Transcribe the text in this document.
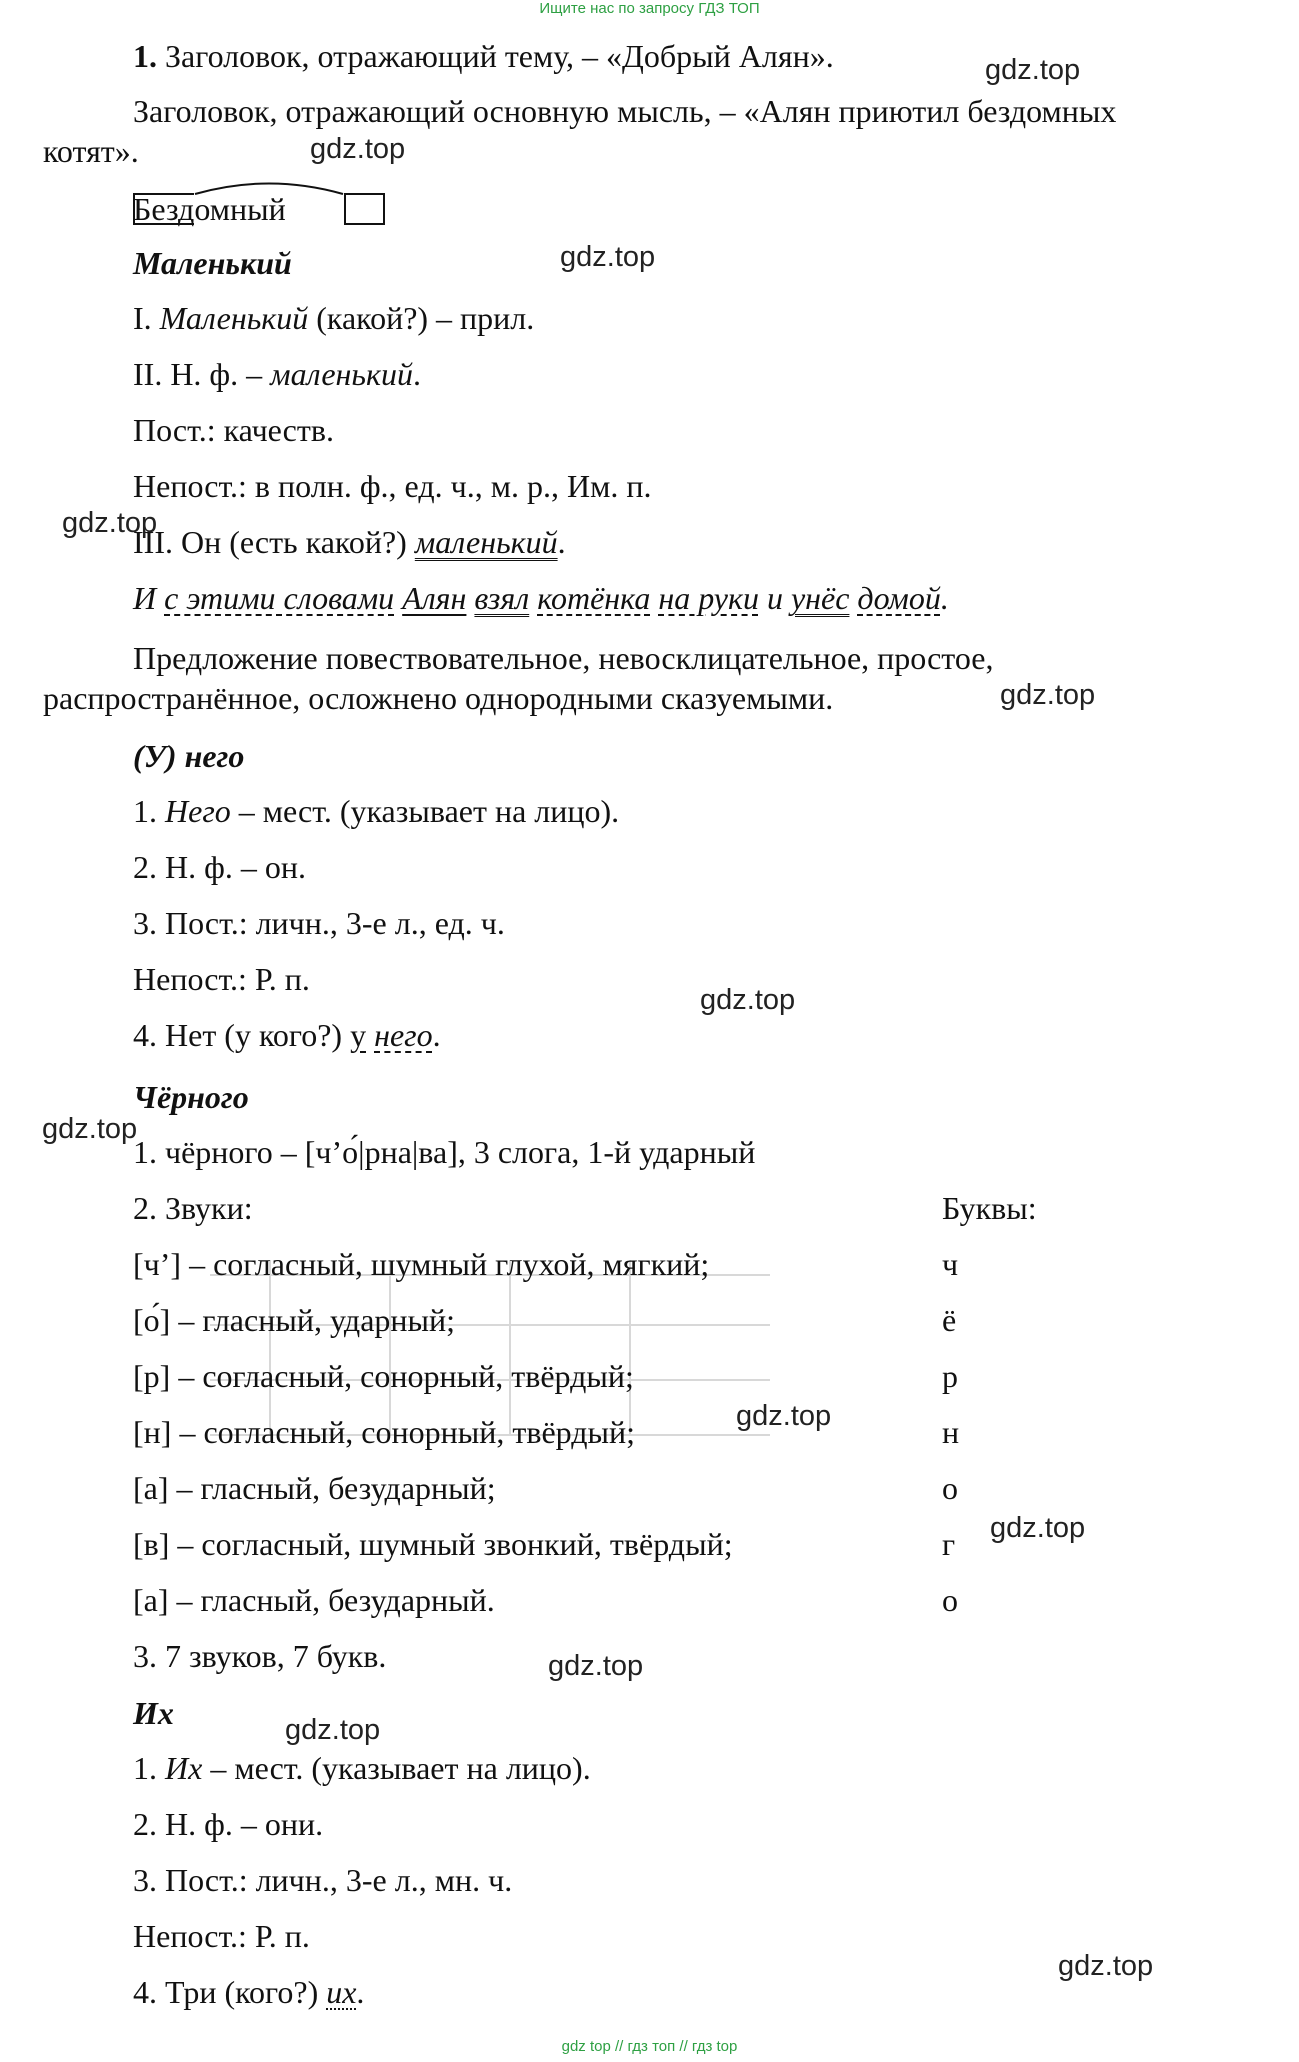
Ищите нас по запросу ГДЗ ТОП
1. Заголовок, отражающий тему, – «Добрый Алян».
Заголовок, отражающий основную мысль, – «Алян приютил бездомных
котят».
Бездомный
Маленький
I. Маленький (какой?) – прил.
II. Н. ф. – маленький.
Пост.: качеств.
Непост.: в полн. ф., ед. ч., м. р., Им. п.
III. Он (есть какой?) маленький.
И с этими словами Алян взял котёнка на руки и унёс домой.
Предложение повествовательное, невосклицательное, простое,
распространённое, осложнено однородными сказуемыми.
(У) него
1. Него – мест. (указывает на лицо).
2. Н. ф. – он.
3. Пост.: личн., 3-е л., ед. ч.
Непост.: Р. п.
4. Нет (у кого?) у него.
Чёрного
1. чёрного – [ч’о́|рна|ва], 3 слога, 1-й ударный
2. Звуки:	Буквы:
[ч’] – согласный, шумный глухой, мягкий;	ч
[о́] – гласный, ударный;	ё
[р] – согласный, сонорный, твёрдый;	р
[н] – согласный, сонорный, твёрдый;	н
[а] – гласный, безударный;	о
[в] – согласный, шумный звонкий, твёрдый;	г
[а] – гласный, безударный.	о
3. 7 звуков, 7 букв.
Их
1. Их – мест. (указывает на лицо).
2. Н. ф. – они.
3. Пост.: личн., 3-е л., мн. ч.
Непост.: Р. п.
4. Три (кого?) их.
gdz.top
gdz.top
gdz.top
gdz.top
gdz.top
gdz.top
gdz.top
gdz.top
gdz.top
gdz.top
gdz.top
gdz.top
gdz top // гдз топ // гдз top
